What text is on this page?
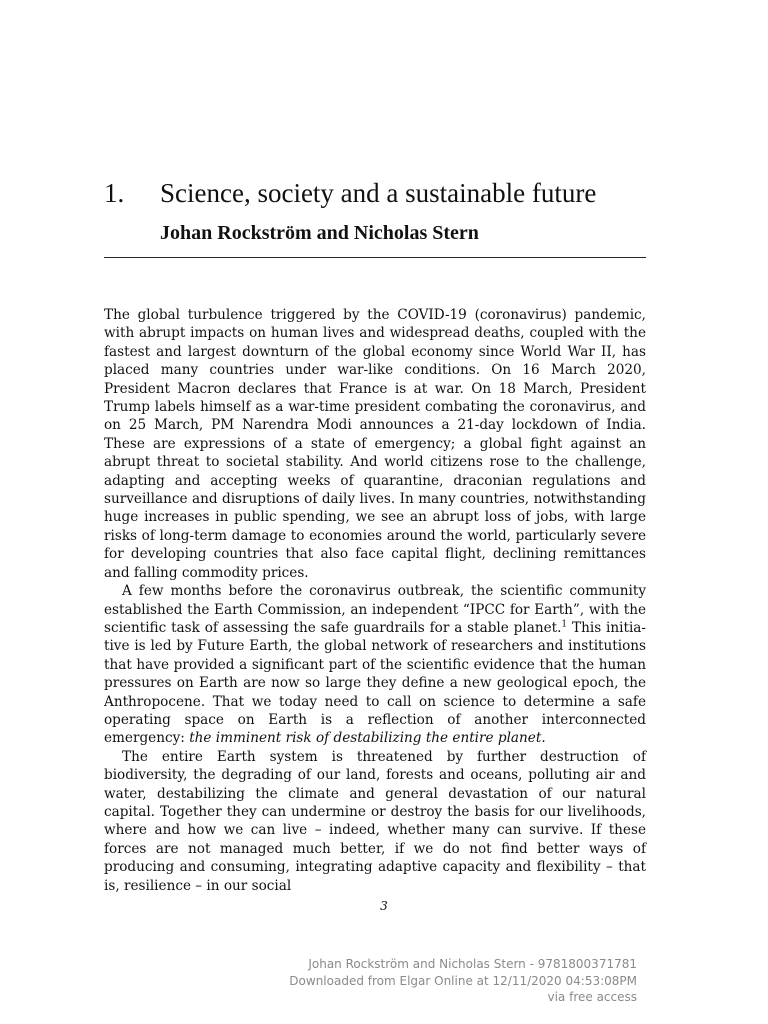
1.	Science, society and a sustainable future
Johan Rockström and Nicholas Stern

The global turbulence triggered by the COVID-19 (coronavirus) pandemic, with abrupt impacts on human lives and widespread deaths, coupled with the fastest and largest downturn of the global economy since World War II, has placed many countries under war-like conditions. On 16 March 2020, President Macron declares that France is at war. On 18 March, President Trump labels himself as a war-time president combating the coronavirus, and on 25 March, PM Narendra Modi announces a 21-day lockdown of India. These are expressions of a state of emergency; a global fight against an abrupt threat to societal stability. And world citizens rose to the challenge, adapting and accepting weeks of quarantine, draconian regulations and surveillance and disruptions of daily lives. In many countries, notwithstanding huge increases in public spending, we see an abrupt loss of jobs, with large risks of long-term damage to economies around the world, particularly severe for developing countries that also face capital flight, declining remittances and falling commodity prices.

A few months before the coronavirus outbreak, the scientific community established the Earth Commission, an independent “IPCC for Earth”, with the scientific task of assessing the safe guardrails for a stable planet.$^1$ This initiative is led by Future Earth, the global network of researchers and institutions that have provided a significant part of the scientific evidence that the human pressures on Earth are now so large they define a new geological epoch, the Anthropocene. That we today need to call on science to determine a safe operating space on Earth is a reflection of another interconnected emergency: the imminent risk of destabilizing the entire planet.

The entire Earth system is threatened by further destruction of biodiversity, the degrading of our land, forests and oceans, polluting air and water, destabilizing the climate and general devastation of our natural capital. Together they can undermine or destroy the basis for our livelihoods, where and how we can live – indeed, whether many can survive. If these forces are not managed much better, if we do not find better ways of producing and consuming, integrating adaptive capacity and flexibility – that is, resilience – in our social

3
Johan Rockström and Nicholas Stern - 9781800371781
Downloaded from Elgar Online at 12/11/2020 04:53:08PM
via free access
